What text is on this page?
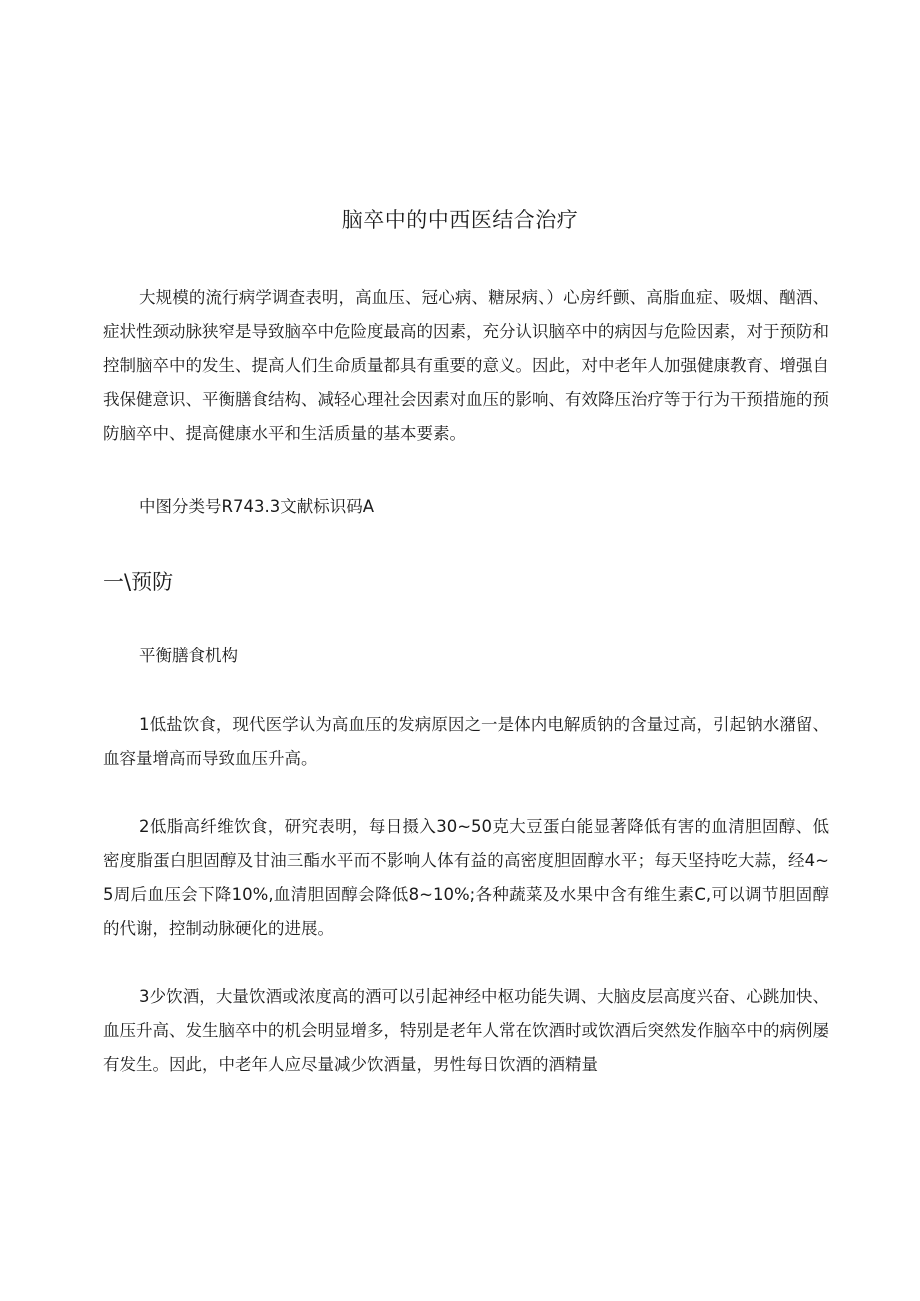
脑卒中的中西医结合治疗

大规模的流行病学调查表明，高血压、冠心病、糖尿病、）心房纤颤、高脂血症、吸烟、酗酒、症状性颈动脉狭窄是导致脑卒中危险度最高的因素，充分认识脑卒中的病因与危险因素，对于预防和控制脑卒中的发生、提高人们生命质量都具有重要的意义。因此，对中老年人加强健康教育、增强自我保健意识、平衡膳食结构、减轻心理社会因素对血压的影响、有效降压治疗等于行为干预措施的预防脑卒中、提高健康水平和生活质量的基本要素。

中图分类号R743.3文献标识码A

一\预防

平衡膳食机构

1低盐饮食，现代医学认为高血压的发病原因之一是体内电解质钠的含量过高，引起钠水潴留、血容量增高而导致血压升高。

2低脂高纤维饮食，研究表明，每日摄入30~50克大豆蛋白能显著降低有害的血清胆固醇、低密度脂蛋白胆固醇及甘油三酯水平而不影响人体有益的高密度胆固醇水平；每天坚持吃大蒜，经4~5周后血压会下降10%,血清胆固醇会降低8~10%;各种蔬菜及水果中含有维生素C,可以调节胆固醇的代谢，控制动脉硬化的进展。

3少饮酒，大量饮酒或浓度高的酒可以引起神经中枢功能失调、大脑皮层高度兴奋、心跳加快、血压升高、发生脑卒中的机会明显增多，特别是老年人常在饮酒时或饮酒后突然发作脑卒中的病例屡有发生。因此，中老年人应尽量减少饮酒量，男性每日饮酒的酒精量
